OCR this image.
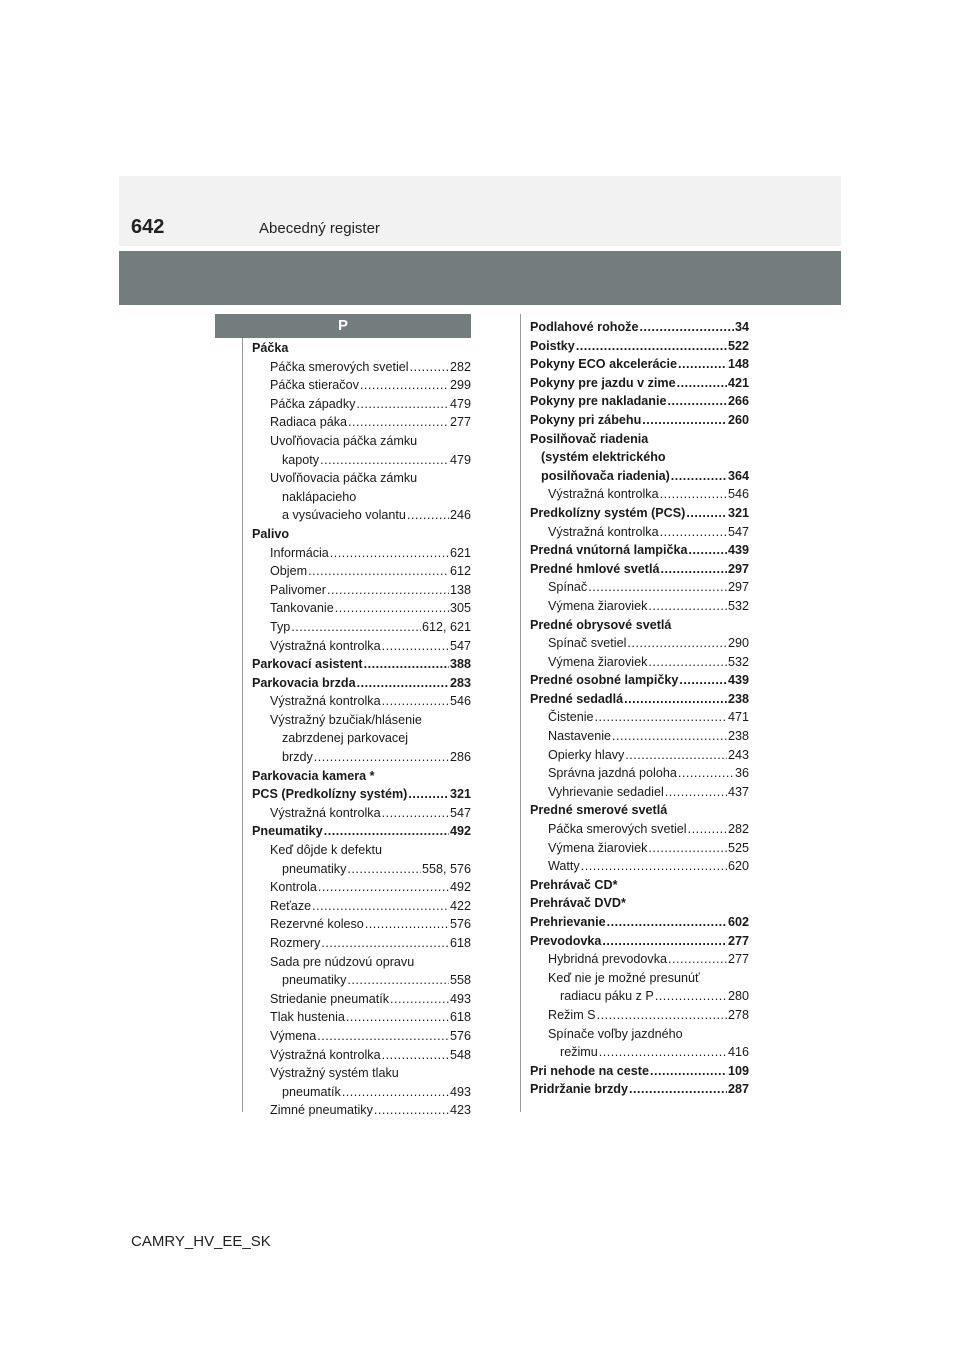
642	Abecedný register
P
Páčka
Páčka smerových svetiel .....	282
Páčka stieračov .....	299
Páčka západky .....	479
Radiaca páka .....	277
Uvoľňovacia páčka zámku
kapoty .....	479
Uvoľňovacia páčka zámku
naklápacieho
a vysúvacieho volantu .....	246
Palivo
Informácia .....	621
Objem .....	612
Palivomer .....	138
Tankovanie .....	305
Typ .....	612, 621
Výstražná kontrolka .....	547
Parkovací asistent .....	388
Parkovacia brzda .....	283
Výstražná kontrolka .....	546
Výstražný bzučiak/hlásenie
zabrzdenej parkovacej
brzdy .....	286
Parkovacia kamera *
PCS (Predkolízny systém) .....	321
Výstražná kontrolka .....	547
Pneumatiky .....	492
Keď dôjde k defektu
pneumatiky .....	558, 576
Kontrola .....	492
Reťaze .....	422
Rezervné koleso .....	576
Rozmery .....	618
Sada pre núdzovú opravu
pneumatiky .....	558
Striedanie pneumatík .....	493
Tlak hustenia .....	618
Výmena .....	576
Výstražná kontrolka .....	548
Výstražný systém tlaku
pneumatík .....	493
Zimné pneumatiky .....	423
Podlahové rohože .....	34
Poistky .....	522
Pokyny ECO akcelerácie .....	148
Pokyny pre jazdu v zime .....	421
Pokyny pre nakladanie .....	266
Pokyny pri zábehu .....	260
Posilňovač riadenia
(systém elektrického
posilňovača riadenia) .....	364
Výstražná kontrolka .....	546
Predkolízny systém (PCS) .....	321
Výstražná kontrolka .....	547
Predná vnútorná lampička .....	439
Predné hmlové svetlá .....	297
Spínač .....	297
Výmena žiaroviek .....	532
Predné obrysové svetlá
Spínač svetiel .....	290
Výmena žiaroviek .....	532
Predné osobné lampičky .....	439
Predné sedadlá .....	238
Čistenie .....	471
Nastavenie .....	238
Opierky hlavy .....	243
Správna jazdná poloha .....	36
Vyhrievanie sedadiel .....	437
Predné smerové svetlá
Páčka smerových svetiel .....	282
Výmena žiaroviek .....	525
Watty .....	620
Prehrávač CD*
Prehrávač DVD*
Prehrievanie .....	602
Prevodovka .....	277
Hybridná prevodovka .....	277
Keď nie je možné presunúť
radiacu páku z P .....	280
Režim S .....	278
Spínače voľby jazdného
režimu .....	416
Pri nehode na ceste .....	109
Pridržanie brzdy .....	287
CAMRY_HV_EE_SK
